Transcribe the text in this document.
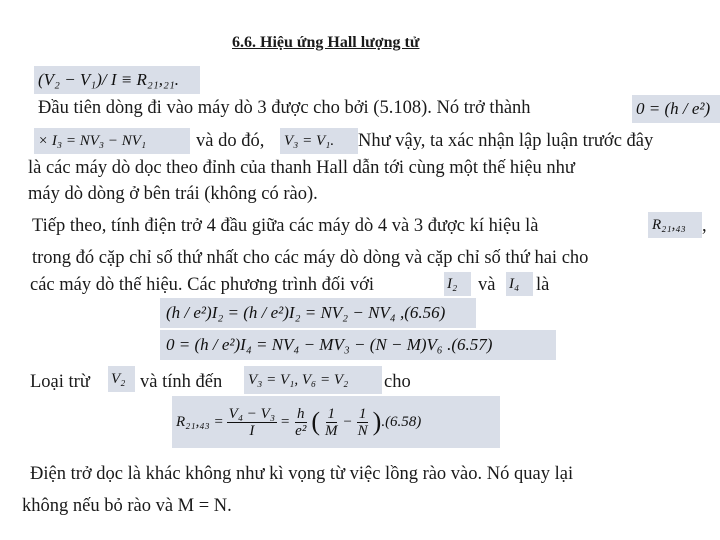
6.6. Hiệu ứng Hall lượng tử
(V₂ − V₁)/ I ≡ R₂₁,₂₁.
Đầu tiên dòng đi vào máy dò 3 được cho bởi (5.108). Nó trở thành	0 = (h / e²)
× I₃ = NV₃ − NV₁	và do đó, V₃ = V₁.	Như vậy, ta xác nhận lập luận trước đây
là các máy dò dọc theo đỉnh của thanh Hall dẫn tới cùng một thế hiệu như
máy dò dòng ở bên trái (không có rào).
Tiếp theo, tính điện trở 4 đầu giữa các máy dò 4 và 3 được kí hiệu là	R₂₁,₄₃ ,
trong đó cặp chỉ số thứ nhất cho các máy dò dòng và cặp chỉ số thứ hai cho
các máy dò thế hiệu. Các phương trình đối với	I₂	và I₄ là
(h / e²)I₂ = (h / e²)I₂ = NV₂ − NV₄ ,(6.56)
0 = (h / e²)I₄ = NV₄ − MV₃ − (N − M)V₆ .(6.57)
Loại trừ V₂ và tính đến V₃ = V₁, V₆ = V₂	cho
$R_{21},_{43} = \frac{\text{V₄ − V₃}}{I} = \frac{h}{\text{e²}}$ ( $\frac{1}{M} - \frac{1}{N}$ ) .(6.58)
Điện trở dọc là khác không như kì vọng từ việc lồng rào vào. Nó quay lại
không nếu bỏ rào và M = N.
